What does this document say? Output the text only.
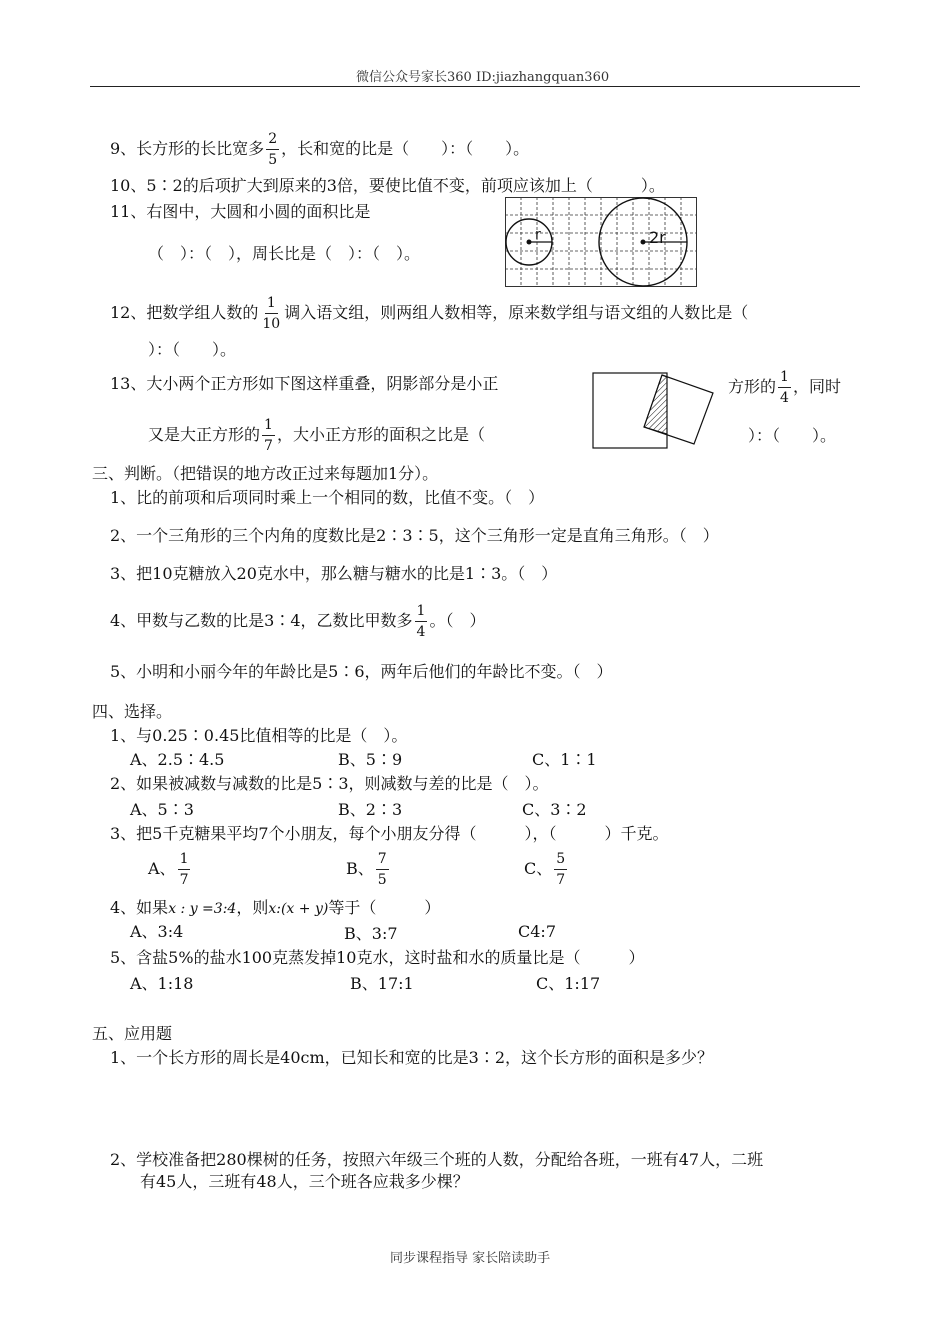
微信公众号家长360 ID:jiazhangquan360
9、长方形的长比宽多 $\frac{2}{5}$ ，长和宽的比是（　　）：（　　）。
10、5∶2的后项扩大到原来的3倍，要使比值不变，前项应该加上（　　　）。
11、右图中，大圆和小圆的面积比是
（　）：（　），周长比是（　）：（　）。
r	2r
12、把数学组人数的 $\frac{1}{10}$ 调入语文组，则两组人数相等，原来数学组与语文组的人数比是（
）：（　　）。
13、大小两个正方形如下图这样重叠，阴影部分是小正	方形的 $\frac{1}{4}$ ，同时
又是大正方形的 $\frac{1}{7}$ ，大小正方形的面积之比是（	）：（　　）。
三、判断。（把错误的地方改正过来每题加1分）。
1、比的前项和后项同时乘上一个相同的数，比值不变。（　）
2、一个三角形的三个内角的度数比是2∶3∶5，这个三角形一定是直角三角形。（　）
3、把10克糖放入20克水中，那么糖与糖水的比是1∶3。（　）
4、甲数与乙数的比是3∶4，乙数比甲数多 $\frac{1}{4}$ 。（　）
5、小明和小丽今年的年龄比是5∶6，两年后他们的年龄比不变。（　）
四、选择。
1、与0.25∶0.45比值相等的比是（　）。
A、2.5∶4.5	B、5∶9	C、1∶1
2、如果被减数与减数的比是5∶3，则减数与差的比是（　）。
A、5∶3	B、2∶3	C、3∶2
3、把5千克糖果平均7个小朋友，每个小朋友分得（　　　），（　　　）千克。
A、 $\frac{1}{7}$	B、 $\frac{7}{5}$	C、 $\frac{5}{7}$
4、如果x : y =3:4，则x:(x + y)等于（　　　）
A、3:4	B、3:7	C4:7
5、含盐5%的盐水100克蒸发掉10克水，这时盐和水的质量比是（　　　）
A、1:18	B、17:1	C、1:17
五、应用题
1、一个长方形的周长是40cm，已知长和宽的比是3∶2，这个长方形的面积是多少？
2、学校准备把280棵树的任务，按照六年级三个班的人数，分配给各班，一班有47人，二班
有45人，三班有48人，三个班各应栽多少棵？
同步课程指导 家长陪读助手
